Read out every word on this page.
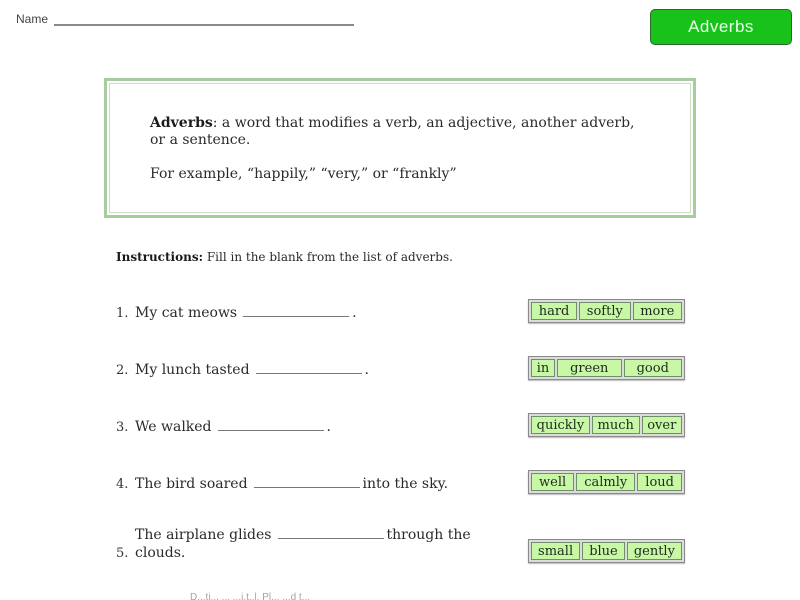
Name	Adverbs
Adverbs: a word that modifies a verb, an adjective, another adverb, or a sentence.
For example, “happily,” “very,” or “frankly”
Instructions: Fill in the blank from the list of adverbs.
1. My cat meows	.	hard	softly	more
2. My lunch tasted	.	in	green	good
3. We walked	.	quickly	much	over
4. The bird soared	into the sky.	well	calmly	loud
The airplane glides	through the
5. clouds.	small	blue	gently
D...ti... ... ...i.t..l. Pl... ...d t...
